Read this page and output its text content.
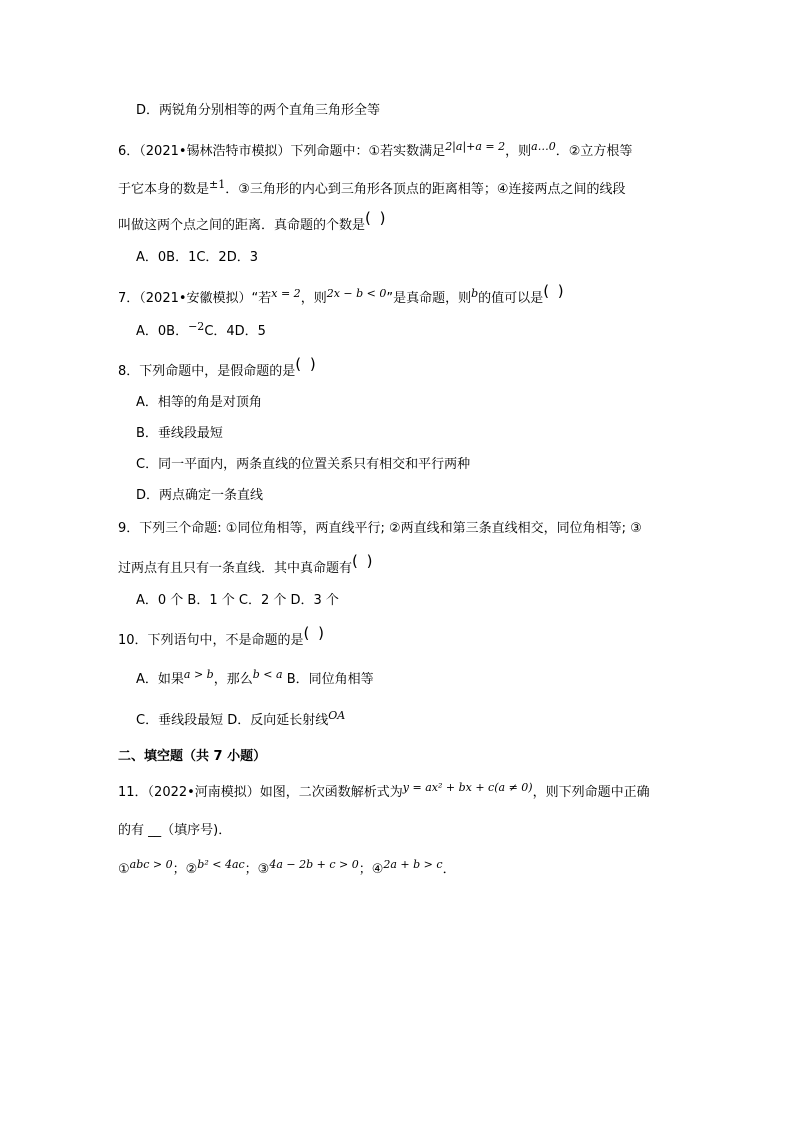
D．两锐角分别相等的两个直角三角形全等
6．（2021•锡林浩特市模拟）下列命题中：①若实数满足$^{2|a|+a = 2}$，则$^{a\dots 0}$．②立方根等
于它本身的数是$^{\pm 1}$．③三角形的内心到三角形各顶点的距离相等；④连接两点之间的线段
叫做这两个点之间的距离．真命题的个数是( )
A．0B．1C．2D．3
7．（2021•安徽模拟）“若$^{x = 2}$，则$^{2x - b < 0}$”是真命题，则$^b$的值可以是( )
A．0B．$^{-2}$C．4D．5
8．下列命题中，是假命题的是( )
A．相等的角是对顶角
B．垂线段最短
C．同一平面内，两条直线的位置关系只有相交和平行两种
D．两点确定一条直线
9．下列三个命题: ①同位角相等，两直线平行; ②两直线和第三条直线相交，同位角相等; ③
过两点有且只有一条直线．其中真命题有( )
A．0 个 B．1 个 C．2 个 D．3 个
10．下列语句中，不是命题的是( )
A．如果$^{a > b}$，那么$^{b < a}$ B．同位角相等
C．垂线段最短 D．反向延长射线$^{OA}$
二、填空题（共 7 小题）
11．（2022•河南模拟）如图，二次函数解析式为$^{y = ax^2 + bx + c(a \ne 0)}$，则下列命题中正确
的有 __（填序号)．
①$^{abc > 0}$；②$^{b^2 < 4ac}$；③$^{4a - 2b + c > 0}$；④$^{2a + b > c}$．
